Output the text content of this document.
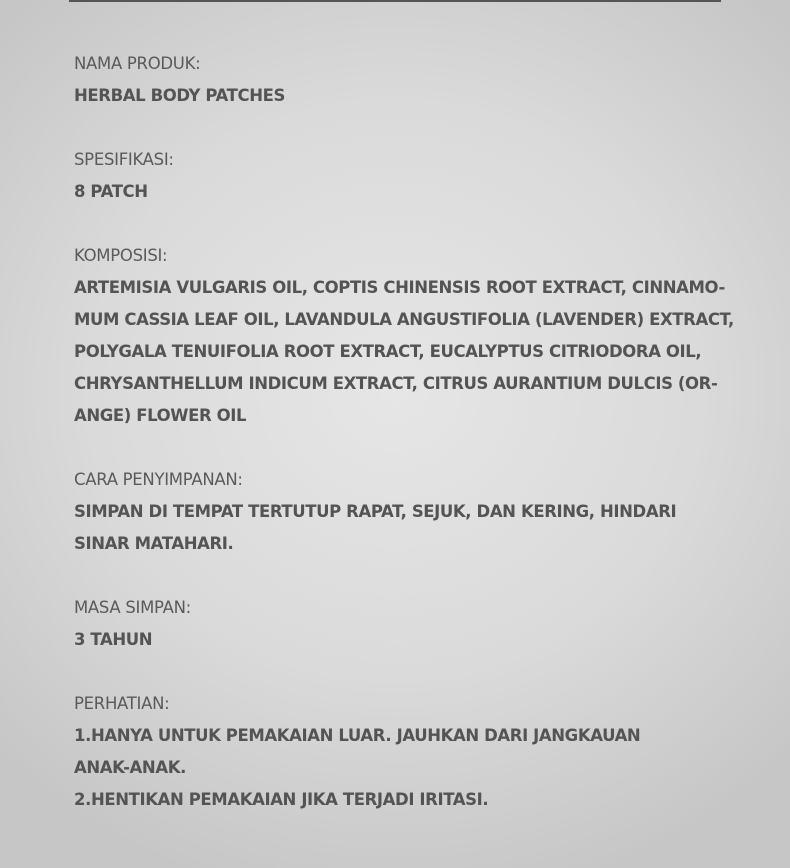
NAMA PRODUK:
HERBAL BODY PATCHES
SPESIFIKASI:
8 PATCH
KOMPOSISI:
ARTEMISIA VULGARIS OIL, COPTIS CHINENSIS ROOT EXTRACT, CINNAMO-
MUM CASSIA LEAF OIL, LAVANDULA ANGUSTIFOLIA (LAVENDER) EXTRACT,
POLYGALA TENUIFOLIA ROOT EXTRACT, EUCALYPTUS CITRIODORA OIL,
CHRYSANTHELLUM INDICUM EXTRACT, CITRUS AURANTIUM DULCIS (OR-
ANGE) FLOWER OIL
CARA PENYIMPANAN:
SIMPAN DI TEMPAT TERTUTUP RAPAT, SEJUK, DAN KERING, HINDARI
SINAR MATAHARI.
MASA SIMPAN:
3 TAHUN
PERHATIAN:
1.HANYA UNTUK PEMAKAIAN LUAR. JAUHKAN DARI JANGKAUAN
ANAK-ANAK.
2.HENTIKAN PEMAKAIAN JIKA TERJADI IRITASI.
